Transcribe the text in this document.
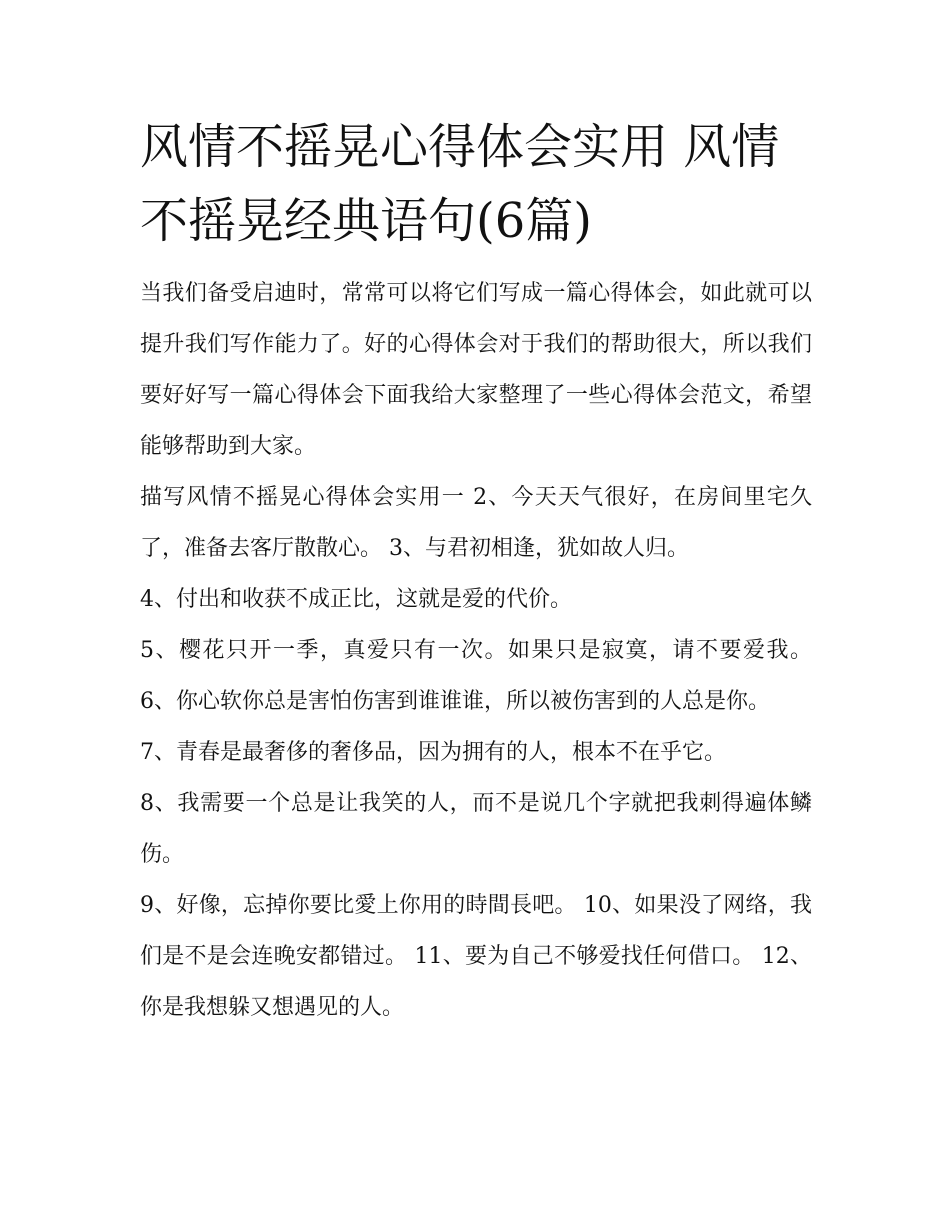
风情不摇晃心得体会实用 风情不摇晃经典语句(6篇)

当我们备受启迪时，常常可以将它们写成一篇心得体会，如此就可以提升我们写作能力了。好的心得体会对于我们的帮助很大，所以我们要好好写一篇心得体会下面我给大家整理了一些心得体会范文，希望能够帮助到大家。

描写风情不摇晃心得体会实用一 2、今天天气很好，在房间里宅久了，准备去客厅散散心。 3、与君初相逢，犹如故人归。

4、付出和收获不成正比，这就是爱的代价。

5、樱花只开一季，真爱只有一次。如果只是寂寞，请不要爱我。 6、你心软你总是害怕伤害到谁谁谁，所以被伤害到的人总是你。

7、青春是最奢侈的奢侈品，因为拥有的人，根本不在乎它。

8、我需要一个总是让我笑的人，而不是说几个字就把我刺得遍体鳞伤。

9、好像，忘掉你要比愛上你用的時間長吧。 10、如果没了网络，我们是不是会连晚安都错过。 11、要为自己不够爱找任何借口。 12、你是我想躲又想遇见的人。
